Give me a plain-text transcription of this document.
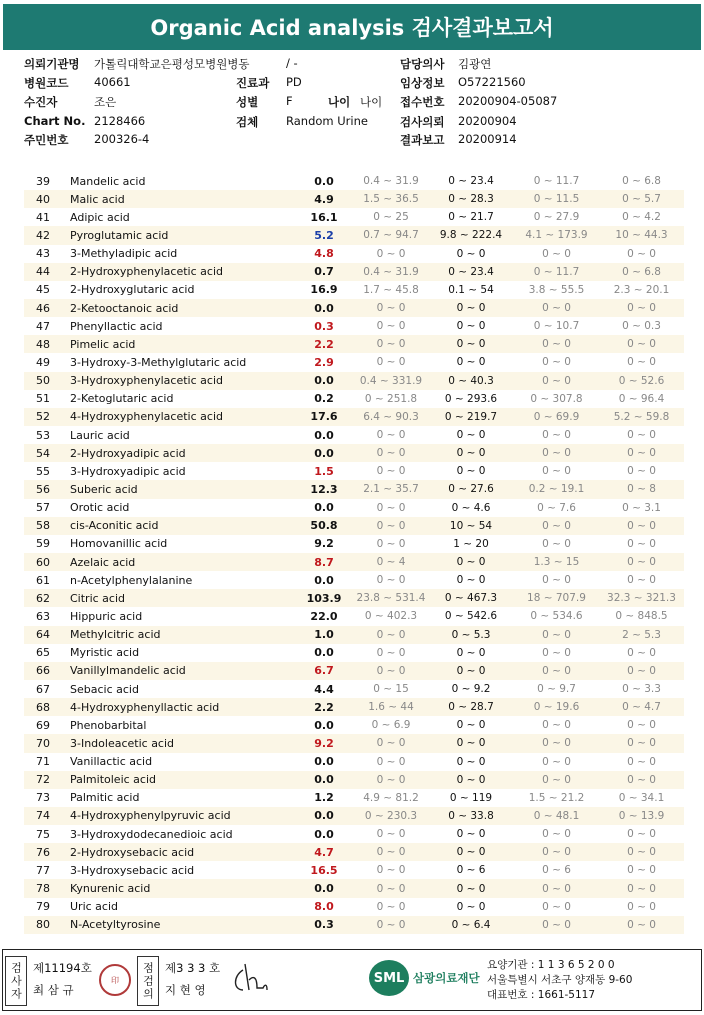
Organic Acid analysis 검사결과보고서
의뢰기관명 가톨릭대학교은평성모병원병동	/ -	담당의사 김광연
병원코드 40661	진료과 PD	임상정보 O57221560
수진자	조은	성별 F	나이 나이 접수번호 20200904-05087
Chart No. 2128466	검체 Random Urine	검사의뢰 20200904
주민번호 200326-4	결과보고 20200914
39	Mandelic acid	0.0	0.4 ~ 31.9	0 ~ 23.4	0 ~ 11.7	0 ~ 6.8
40	Malic acid	4.9	1.5 ~ 36.5	0 ~ 28.3	0 ~ 11.5	0 ~ 5.7
41	Adipic acid	16.1	0 ~ 25	0 ~ 21.7	0 ~ 27.9	0 ~ 4.2
42	Pyroglutamic acid	5.2	0.7 ~ 94.7	9.8 ~ 222.4	4.1 ~ 173.9	10 ~ 44.3
43	3-Methyladipic acid	4.8	0 ~ 0	0 ~ 0	0 ~ 0	0 ~ 0
44	2-Hydroxyphenylacetic acid	0.7	0.4 ~ 31.9	0 ~ 23.4	0 ~ 11.7	0 ~ 6.8
45	2-Hydroxyglutaric acid	16.9	1.7 ~ 45.8	0.1 ~ 54	3.8 ~ 55.5	2.3 ~ 20.1
46	2-Ketooctanoic acid	0.0	0 ~ 0	0 ~ 0	0 ~ 0	0 ~ 0
47	Phenyllactic acid	0.3	0 ~ 0	0 ~ 0	0 ~ 10.7	0 ~ 0.3
48	Pimelic acid	2.2	0 ~ 0	0 ~ 0	0 ~ 0	0 ~ 0
49	3-Hydroxy-3-Methylglutaric acid	2.9	0 ~ 0	0 ~ 0	0 ~ 0	0 ~ 0
50	3-Hydroxyphenylacetic acid	0.0	0.4 ~ 331.9	0 ~ 40.3	0 ~ 0	0 ~ 52.6
51	2-Ketoglutaric acid	0.2	0 ~ 251.8	0 ~ 293.6	0 ~ 307.8	0 ~ 96.4
52	4-Hydroxyphenylacetic acid	17.6	6.4 ~ 90.3	0 ~ 219.7	0 ~ 69.9	5.2 ~ 59.8
53	Lauric acid	0.0	0 ~ 0	0 ~ 0	0 ~ 0	0 ~ 0
54	2-Hydroxyadipic acid	0.0	0 ~ 0	0 ~ 0	0 ~ 0	0 ~ 0
55	3-Hydroxyadipic acid	1.5	0 ~ 0	0 ~ 0	0 ~ 0	0 ~ 0
56	Suberic acid	12.3	2.1 ~ 35.7	0 ~ 27.6	0.2 ~ 19.1	0 ~ 8
57	Orotic acid	0.0	0 ~ 0	0 ~ 4.6	0 ~ 7.6	0 ~ 3.1
58	cis-Aconitic acid	50.8	0 ~ 0	10 ~ 54	0 ~ 0	0 ~ 0
59	Homovanillic acid	9.2	0 ~ 0	1 ~ 20	0 ~ 0	0 ~ 0
60	Azelaic acid	8.7	0 ~ 4	0 ~ 0	1.3 ~ 15	0 ~ 0
61	n-Acetylphenylalanine	0.0	0 ~ 0	0 ~ 0	0 ~ 0	0 ~ 0
62	Citric acid	103.9	23.8 ~ 531.4	0 ~ 467.3	18 ~ 707.9	32.3 ~ 321.3
63	Hippuric acid	22.0	0 ~ 402.3	0 ~ 542.6	0 ~ 534.6	0 ~ 848.5
64	Methylcitric acid	1.0	0 ~ 0	0 ~ 5.3	0 ~ 0	2 ~ 5.3
65	Myristic acid	0.0	0 ~ 0	0 ~ 0	0 ~ 0	0 ~ 0
66	Vanillylmandelic acid	6.7	0 ~ 0	0 ~ 0	0 ~ 0	0 ~ 0
67	Sebacic acid	4.4	0 ~ 15	0 ~ 9.2	0 ~ 9.7	0 ~ 3.3
68	4-Hydroxyphenyllactic acid	2.2	1.6 ~ 44	0 ~ 28.7	0 ~ 19.6	0 ~ 4.7
69	Phenobarbital	0.0	0 ~ 6.9	0 ~ 0	0 ~ 0	0 ~ 0
70	3-Indoleacetic acid	9.2	0 ~ 0	0 ~ 0	0 ~ 0	0 ~ 0
71	Vanillactic acid	0.0	0 ~ 0	0 ~ 0	0 ~ 0	0 ~ 0
72	Palmitoleic acid	0.0	0 ~ 0	0 ~ 0	0 ~ 0	0 ~ 0
73	Palmitic acid	1.2	4.9 ~ 81.2	0 ~ 119	1.5 ~ 21.2	0 ~ 34.1
74	4-Hydroxyphenylpyruvic acid	0.0	0 ~ 230.3	0 ~ 33.8	0 ~ 48.1	0 ~ 13.9
75	3-Hydroxydodecanedioic acid	0.0	0 ~ 0	0 ~ 0	0 ~ 0	0 ~ 0
76	2-Hydroxysebacic acid	4.7	0 ~ 0	0 ~ 0	0 ~ 0	0 ~ 0
77	3-Hydroxysebacic acid	16.5	0 ~ 0	0 ~ 6	0 ~ 6	0 ~ 0
78	Kynurenic acid	0.0	0 ~ 0	0 ~ 0	0 ~ 0	0 ~ 0
79	Uric acid	8.0	0 ~ 0	0 ~ 0	0 ~ 0	0 ~ 0
80	N-Acetyltyrosine	0.3	0 ~ 0	0 ~ 6.4	0 ~ 0	0 ~ 0
검사자 제11194호
최 삼 규
印	점검의 제3 3 3 호
지 현 영
SML 삼광의료재단
요양기관 : 1 1 3 6 5 2 0 0
서울특별시 서초구 양재동 9-60
대표번호 : 1661-5117
